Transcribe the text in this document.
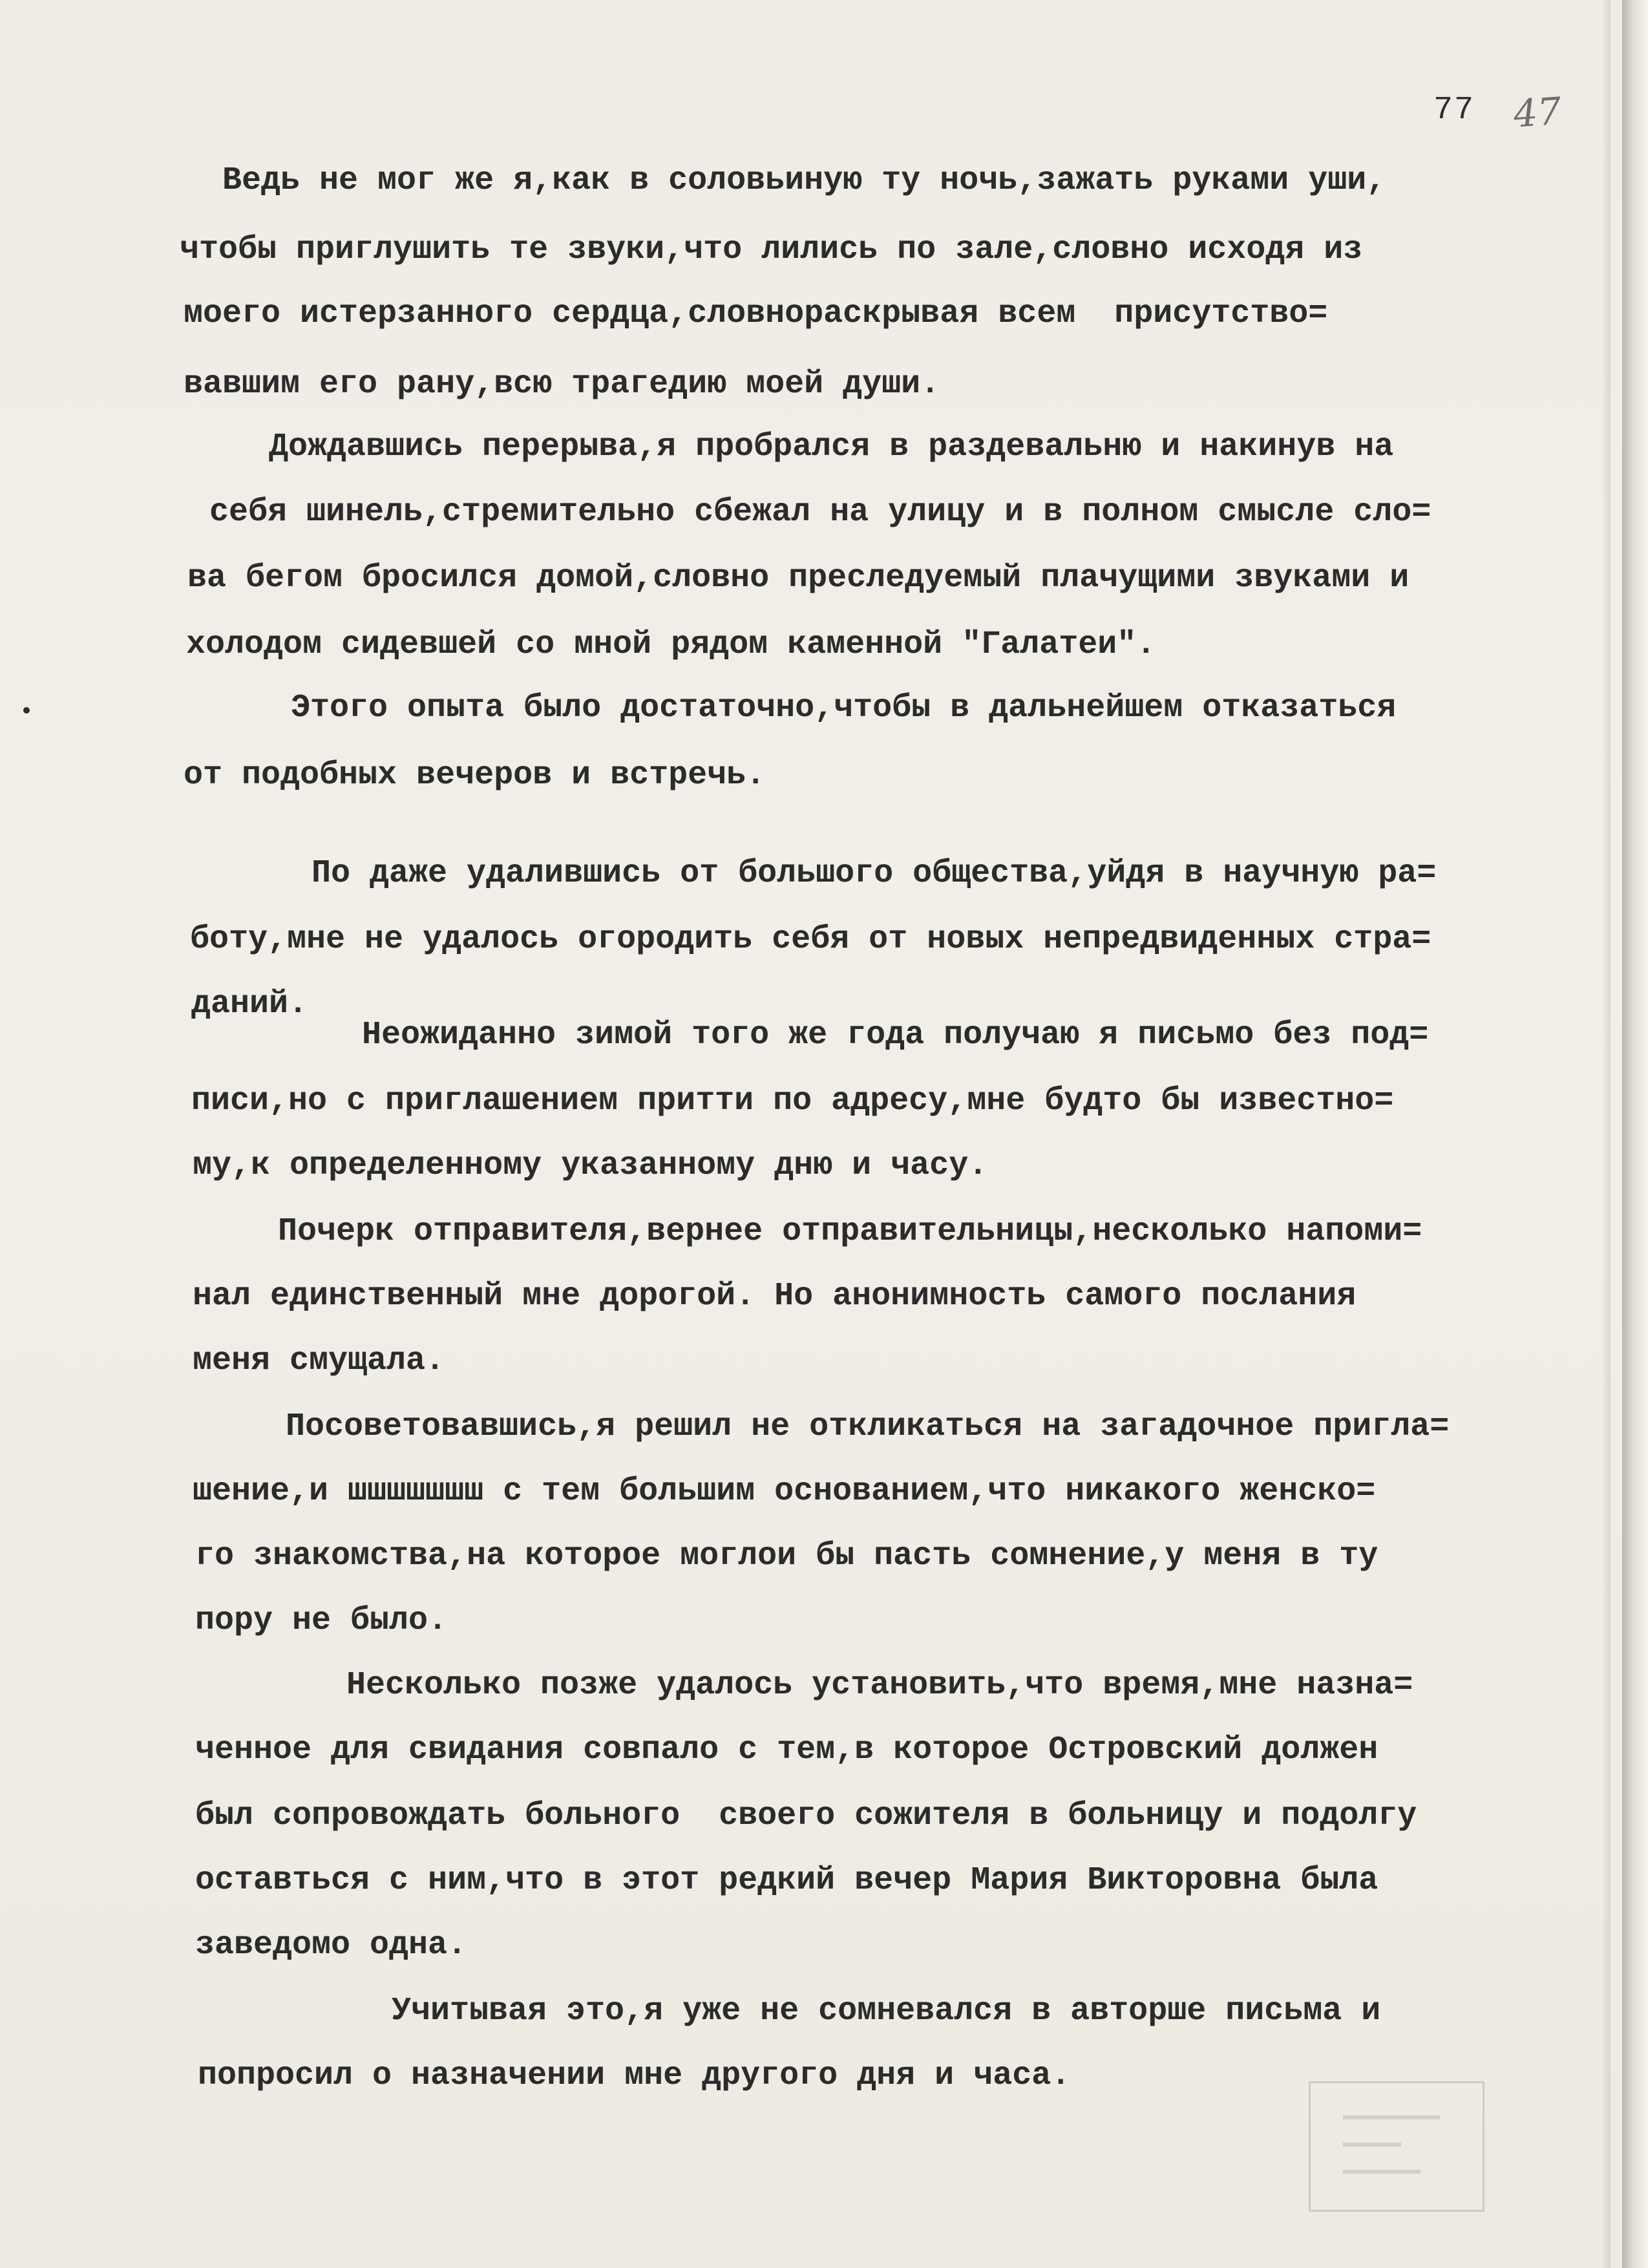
77 47
Ведь не мог же я,как в соловьиную ту ночь,зажать руками уши,
чтобы приглушить те звуки,что лились по зале,словно исходя из
моего истерзанного сердца,словнораскрывая всем  присутство=
вавшим его рану,всю трагедию моей души.
Дождавшись перерыва,я пробрался в раздевальню и накинув на
себя шинель,стремительно сбежал на улицу и в полном смысле сло=
ва бегом бросился домой,словно преследуемый плачущими звуками и
холодом сидевшей со мной рядом каменной "Галатеи".
Этого опыта было достаточно,чтобы в дальнейшем отказаться
от подобных вечеров и встречь.
По даже удалившись от большого общества,уйдя в научную ра=
боту,мне не удалось огородить себя от новых непредвиденных стра=
даний.
Неожиданно зимой того же года получаю я письмо без под=
писи,но с приглашением притти по адресу,мне будто бы известно=
му,к определенному указанному дню и часу.
Почерк отправителя,вернее отправительницы,несколько напоми=
нал единственный мне дорогой. Но анонимность самого послания
меня смущала.
Посоветовавшись,я решил не откликаться на загадочное пригла=
шение,и шшшшшшш с тем большим основанием,что никакого женско=
го знакомства,на которое моглои бы пасть сомнение,у меня в ту
пору не было.
Несколько позже удалось установить,что время,мне назна=
ченное для свидания совпало с тем,в которое Островский должен
был сопровождать больного  своего сожителя в больницу и подолгу
оставться с ним,что в этот редкий вечер Мария Викторовна была
заведомо одна.
Учитывая это,я уже не сомневался в авторше письма и
попросил о назначении мне другого дня и часа.
